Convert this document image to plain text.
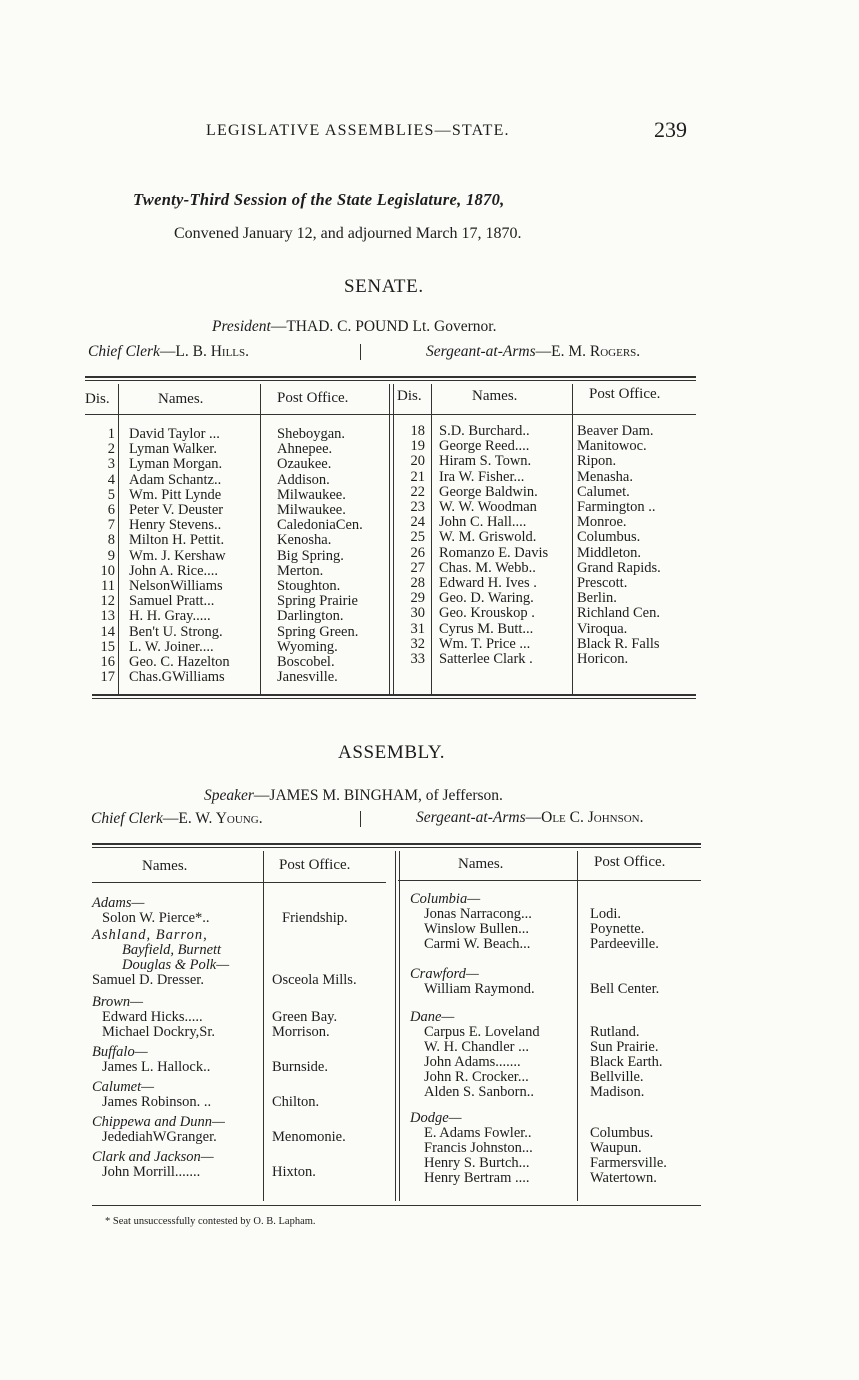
LEGISLATIVE ASSEMBLIES—STATE.	239
Twenty-Third Session of the State Legislature, 1870,
Convened January 12, and adjourned March 17, 1870.
SENATE.
President—THAD. C. POUND Lt. Governor.
Chief Clerk—L. B. Hills.	Sergeant-at-Arms—E. M. Rogers.
Dis.	Names.	Post Office.	Dis.	Names.	Post Office.
1	David Taylor ...	Sheboygan.
2	Lyman Walker.	Ahnepee.
3	Lyman Morgan.	Ozaukee.
4	Adam Schantz..	Addison.
5	Wm. Pitt Lynde	Milwaukee.
6	Peter V. Deuster	Milwaukee.
7	Henry Stevens..	CaledoniaCen.
8	Milton H. Pettit.	Kenosha.
9	Wm. J. Kershaw	Big Spring.
10	John A. Rice....	Merton.
11	NelsonWilliams	Stoughton.
12	Samuel Pratt...	Spring Prairie
13	H. H. Gray.....	Darlington.
14	Ben't U. Strong.	Spring Green.
15	L. W. Joiner....	Wyoming.
16	Geo. C. Hazelton	Boscobel.
17	Chas.GWilliams	Janesville.
18	S.D. Burchard..	Beaver Dam.
19	George Reed....	Manitowoc.
20	Hiram S. Town.	Ripon.
21	Ira W. Fisher...	Menasha.
22	George Baldwin.	Calumet.
23	W. W. Woodman	Farmington ..
24	John C. Hall....	Monroe.
25	W. M. Griswold.	Columbus.
26	Romanzo E. Davis	Middleton.
27	Chas. M. Webb..	Grand Rapids.
28	Edward H. Ives .	Prescott.
29	Geo. D. Waring.	Berlin.
30	Geo. Krouskop .	Richland Cen.
31	Cyrus M. Butt...	Viroqua.
32	Wm. T. Price ...	Black R. Falls
33	Satterlee Clark .	Horicon.
ASSEMBLY.
Speaker—JAMES M. BINGHAM, of Jefferson.
Chief Clerk—E. W. Young.	Sergeant-at-Arms—Ole C. Johnson.
Names.	Post Office.	Names.	Post Office.
Adams—
Solon W. Pierce*..	Friendship.
Ashland, Barron,
Bayfield, Burnett
Douglas & Polk—
Samuel D. Dresser.	Osceola Mills.
Brown—
Edward Hicks.....	Green Bay.
Michael Dockry,Sr.	Morrison.
Buffalo—
James L. Hallock..	Burnside.
Calumet—
James Robinson. ..	Chilton.
Chippewa and Dunn—
JedediahWGranger.	Menomonie.
Clark and Jackson—
John Morrill.......	Hixton.
Columbia—
Jonas Narracong...	Lodi.
Winslow Bullen...	Poynette.
Carmi W. Beach...	Pardeeville.
Crawford—
William Raymond.	Bell Center.
Dane—
Carpus E. Loveland	Rutland.
W. H. Chandler ...	Sun Prairie.
John Adams.......	Black Earth.
John R. Crocker...	Bellville.
Alden S. Sanborn..	Madison.
Dodge—
E. Adams Fowler..	Columbus.
Francis Johnston...	Waupun.
Henry S. Burtch...	Farmersville.
Henry Bertram ....	Watertown.
* Seat unsuccessfully contested by O. B. Lapham.
